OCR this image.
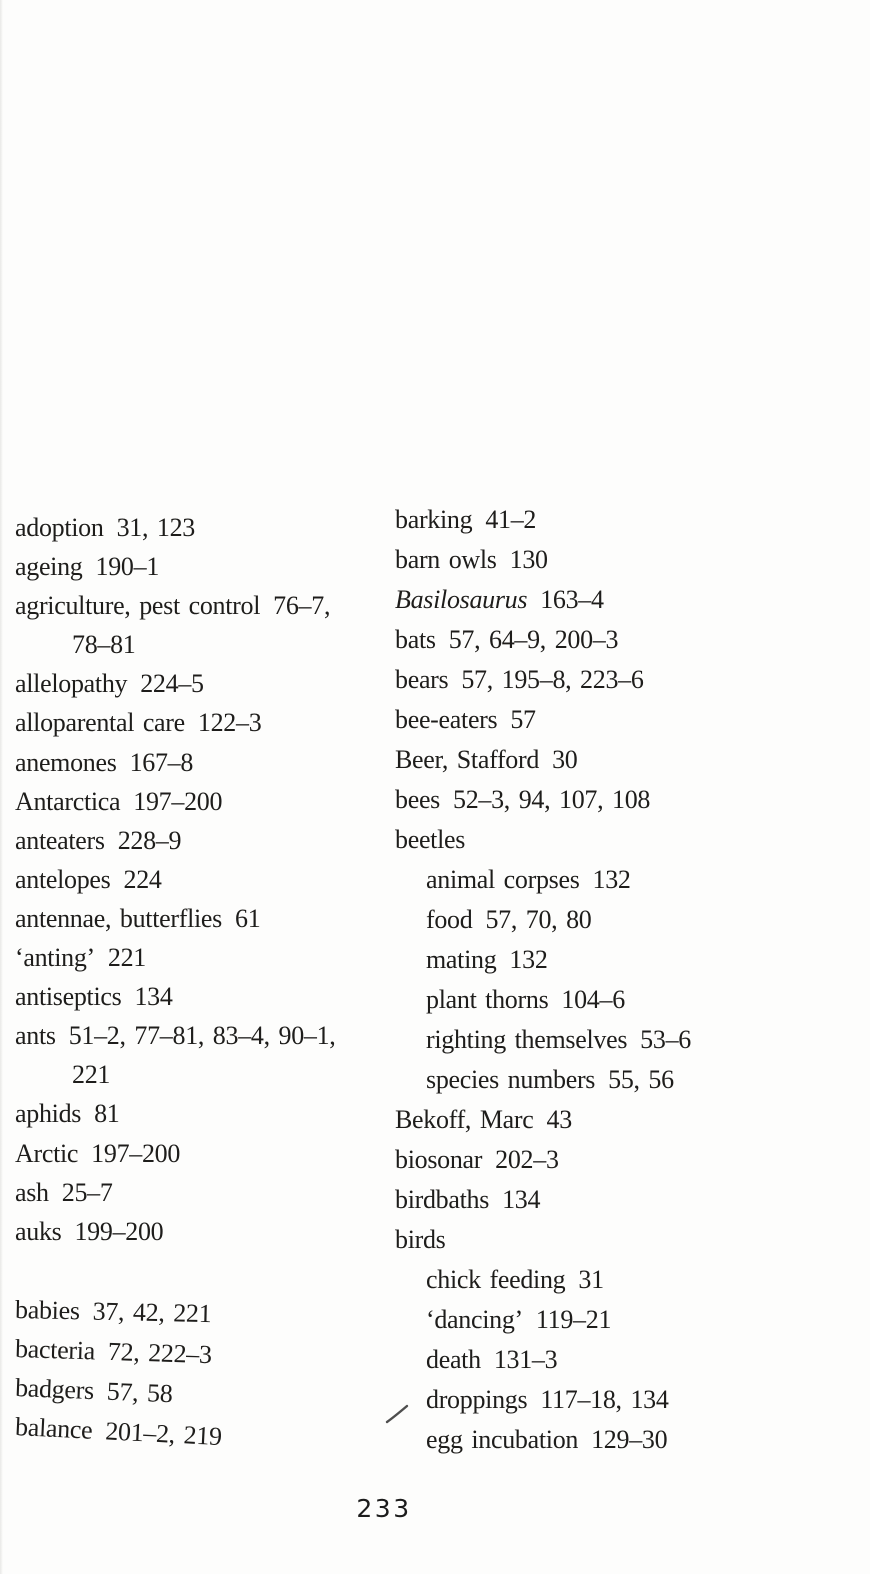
adoption 31, 123
ageing 190–1
agriculture, pest control 76–7,
78–81
allelopathy 224–5
alloparental care 122–3
anemones 167–8
Antarctica 197–200
anteaters 228–9
antelopes 224
antennae, butterflies 61
‘anting’ 221
antiseptics 134
ants 51–2, 77–81, 83–4, 90–1,
221
aphids 81
Arctic 197–200
ash 25–7
auks 199–200
babies 37, 42, 221
bacteria 72, 222–3
badgers 57, 58
balance 201–2, 219
barking 41–2
barn owls 130
Basilosaurus 163–4
bats 57, 64–9, 200–3
bears 57, 195–8, 223–6
bee-eaters 57
Beer, Stafford 30
bees 52–3, 94, 107, 108
beetles
animal corpses 132
food 57, 70, 80
mating 132
plant thorns 104–6
righting themselves 53–6
species numbers 55, 56
Bekoff, Marc 43
biosonar 202–3
birdbaths 134
birds
chick feeding 31
‘dancing’ 119–21
death 131–3
droppings 117–18, 134
egg incubation 129–30
233
